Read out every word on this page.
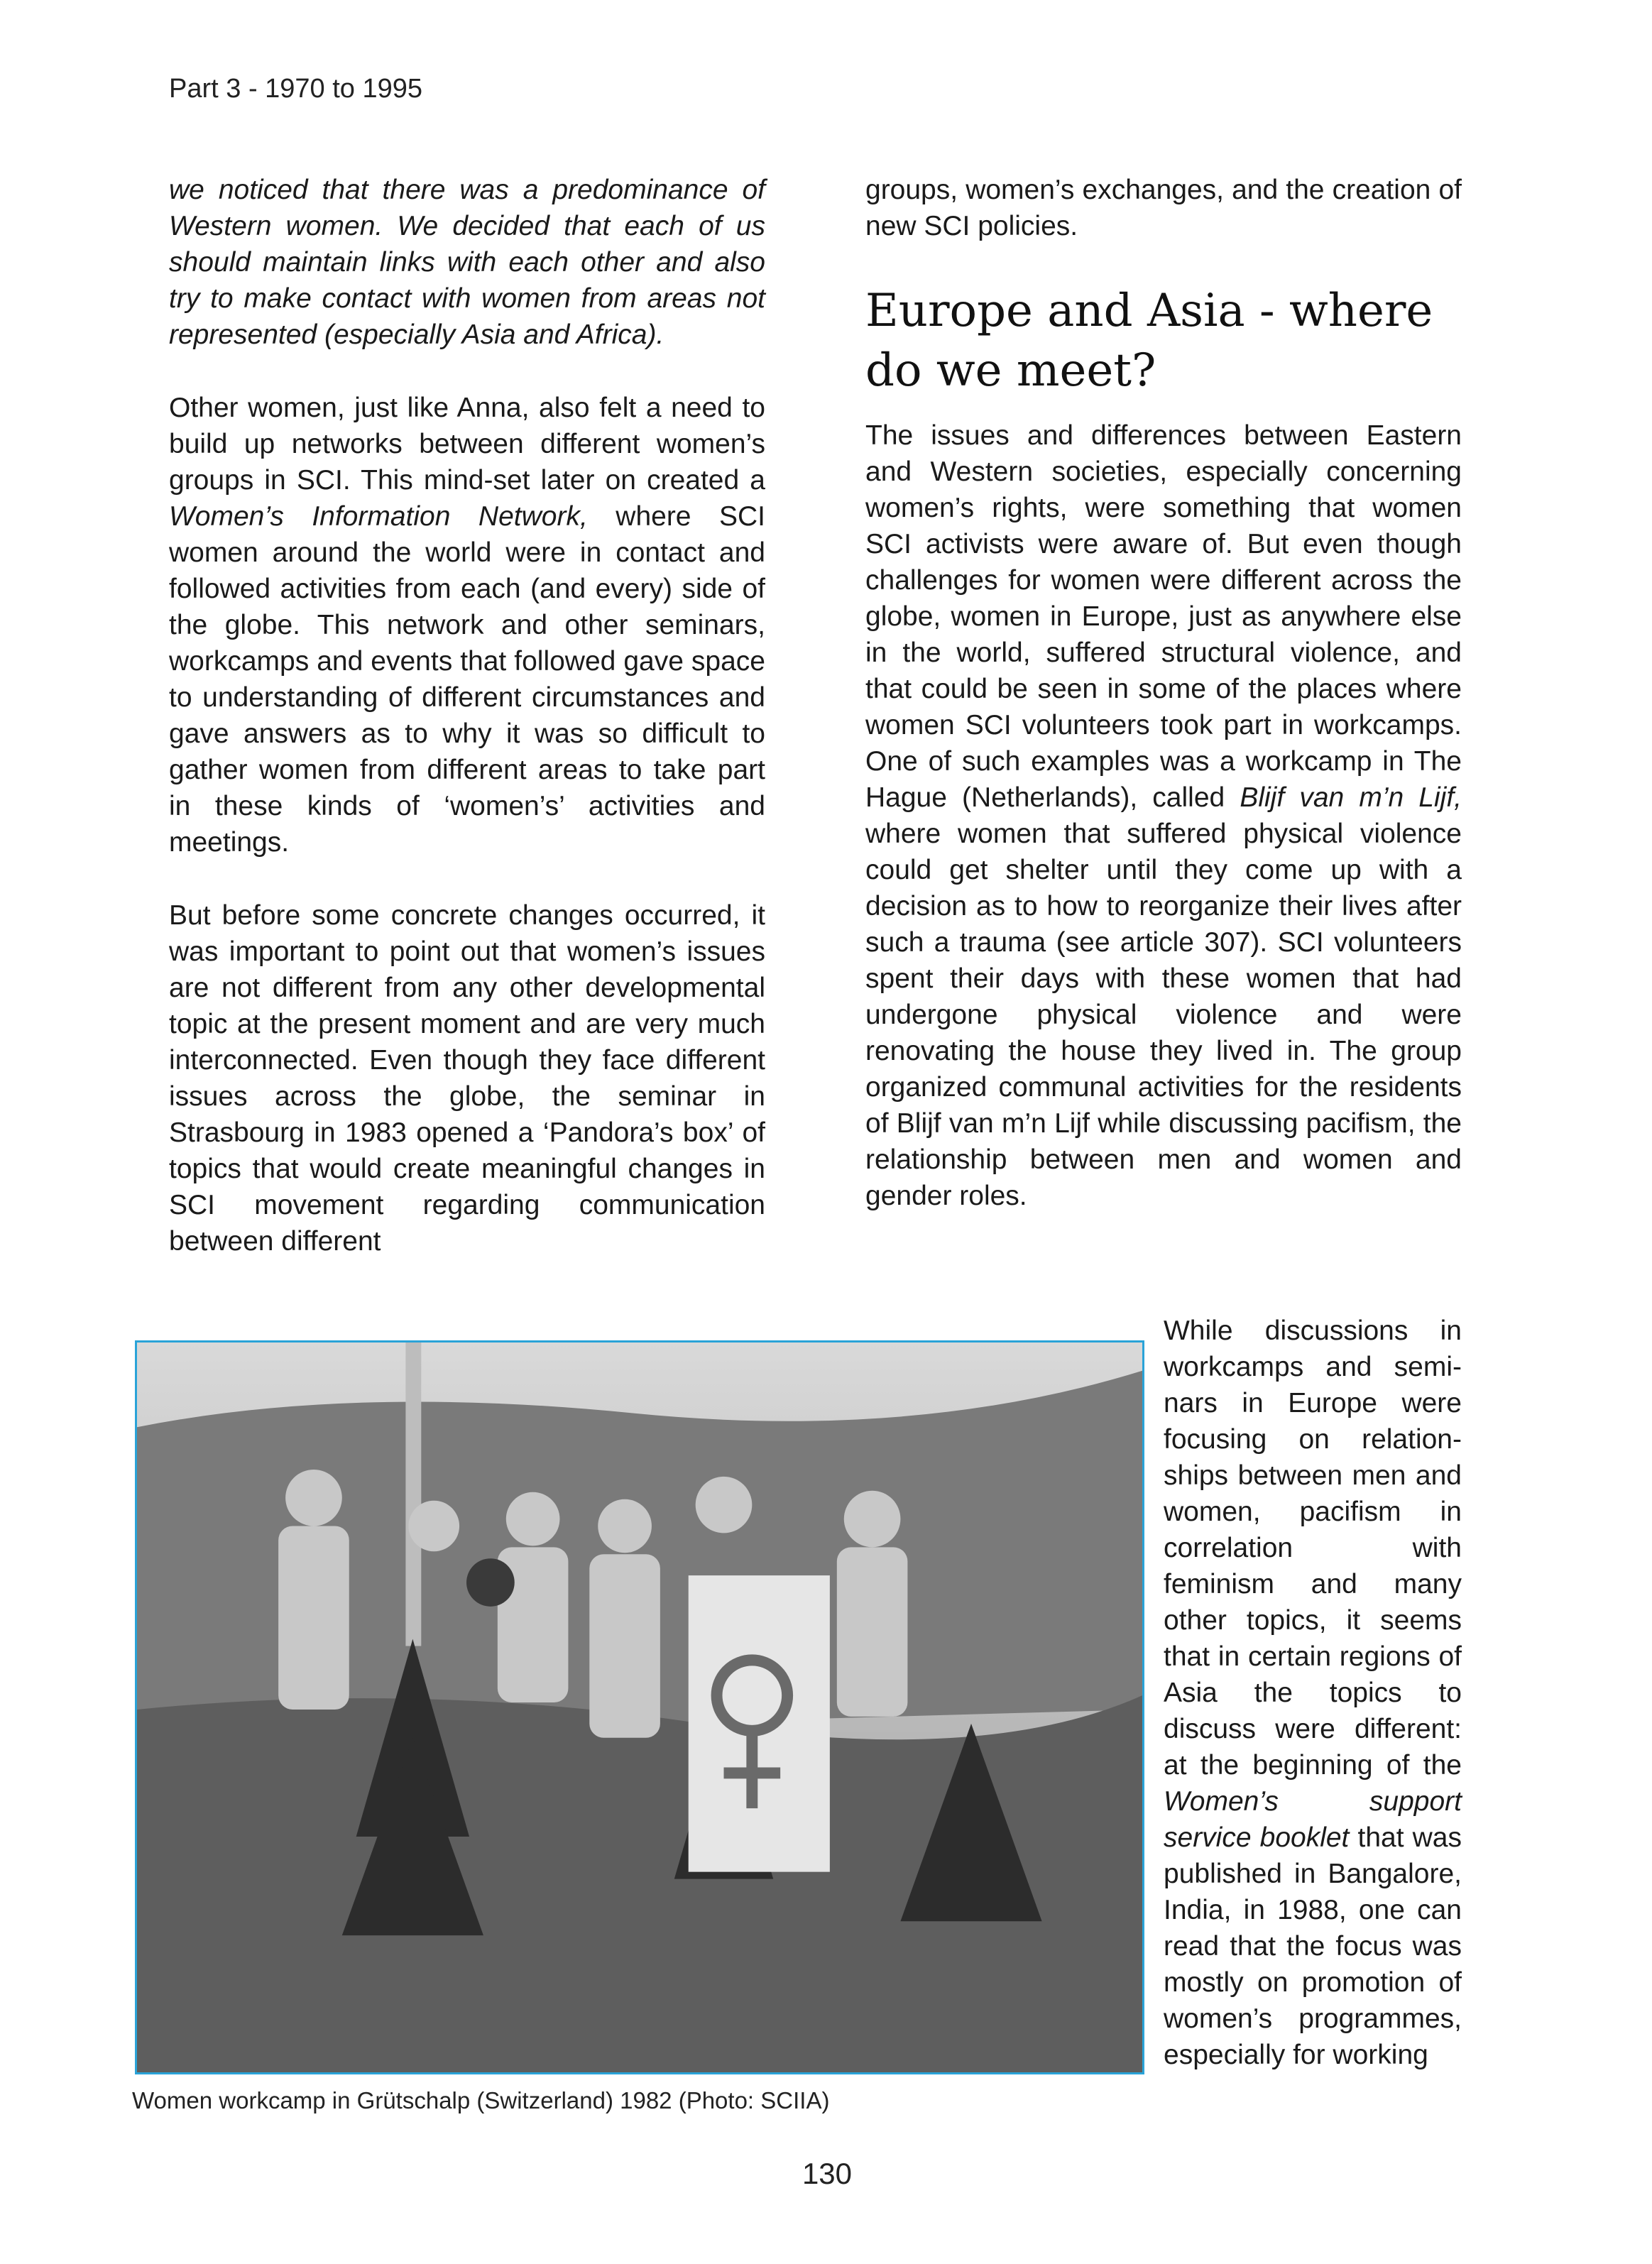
Part 3 - 1970 to 1995

we noticed that there was a predominance of Western women. We decided that each of us should maintain links with each other and also try to make contact with women from areas not represented (especially Asia and Africa).

Other women, just like Anna, also felt a need to build up networks between different women’s groups in SCI. This mind-set later on created a Women’s Information Network, where SCI women around the world were in contact and followed activities from each (and every) side of the globe. This network and other seminars, workcamps and events that followed gave space to understanding of different circumstances and gave answers as to why it was so difficult to gather women from different areas to take part in these kinds of ‘women’s’ activities and meetings.

But before some concrete changes occurred, it was important to point out that women’s issues are not different from any other developmental topic at the present moment and are very much interconnected. Even though they face different issues across the globe, the seminar in Strasbourg in 1983 opened a ‘Pandora’s box’ of topics that would create meaningful changes in SCI movement regarding communication between different

groups, women’s exchanges, and the creation of new SCI policies.

Europe and Asia - where do we meet?

The issues and differences between Eastern and Western societies, especially concerning women’s rights, were something that women SCI activists were aware of. But even though challenges for women were different across the globe, women in Europe, just as anywhere else in the world, suffered structural violence, and that could be seen in some of the places where women SCI volunteers took part in workcamps. One of such examples was a workcamp in The Hague (Netherlands), called Blijf van m’n Lijf, where women that suffered physical violence could get shelter until they come up with a decision as to how to reorganize their lives after such a trauma (see article 307). SCI volunteers spent their days with these women that had undergone physical violence and were renovating the house they lived in. The group organized communal activities for the residents of Blijf van m’n Lijf while discussing pacifism, the relationship between men and women and gender roles.

Women workcamp in Grütschalp (Switzerland) 1982 (Photo: SCIIA)

While discussions in workcamps and seminars in Europe were focusing on relationships between men and women, pacifism in correlation with feminism and many other topics, it seems that in certain regions of Asia the topics to discuss were different: at the beginning of the Women’s support service booklet that was published in Bangalore, India, in 1988, one can read that the focus was mostly on promotion of women’s programmes, especially for working

130
